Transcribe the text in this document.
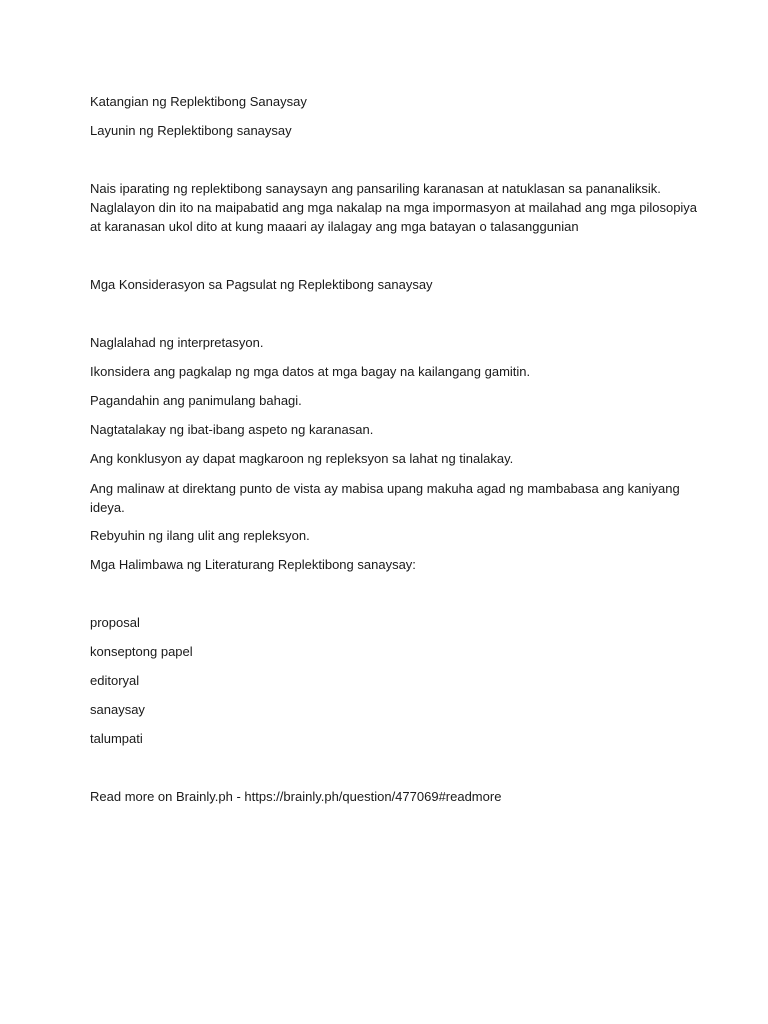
Katangian ng Replektibong Sanaysay

Layunin ng Replektibong sanaysay

Nais iparating ng replektibong sanaysayn ang pansariling karanasan at natuklasan sa pananaliksik.
Naglalayon din ito na maipabatid ang mga nakalap na mga impormasyon at mailahad ang mga pilosopiya
at karanasan ukol dito at kung maaari ay ilalagay ang mga batayan o talasanggunian

Mga Konsiderasyon sa Pagsulat ng Replektibong sanaysay

Naglalahad ng interpretasyon.

Ikonsidera ang pagkalap ng mga datos at mga bagay na kailangang gamitin.

Pagandahin ang panimulang bahagi.

Nagtatalakay ng ibat-ibang aspeto ng karanasan.

Ang konklusyon ay dapat magkaroon ng repleksyon sa lahat ng tinalakay.

Ang malinaw at direktang punto de vista ay mabisa upang makuha agad ng mambabasa ang kaniyang
ideya.

Rebyuhin ng ilang ulit ang repleksyon.

Mga Halimbawa ng Literaturang Replektibong sanaysay:

proposal

konseptong papel

editoryal

sanaysay

talumpati

Read more on Brainly.ph - https://brainly.ph/question/477069#readmore
